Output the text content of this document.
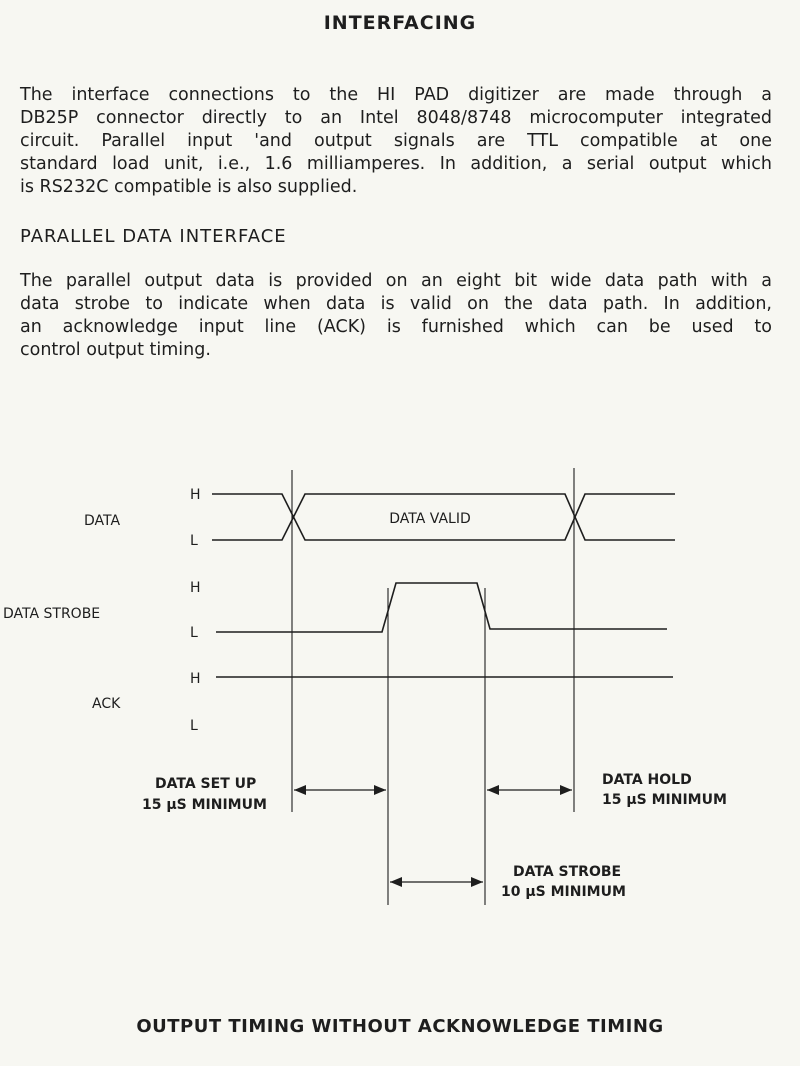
INTERFACING
The interface connections to the HI PAD digitizer are made through a
DB25P connector directly to an Intel 8048/8748 microcomputer integrated
circuit. Parallel input 'and output signals are TTL compatible at one
standard load unit, i.e., 1.6 milliamperes. In addition, a serial output which
is RS232C compatible is also supplied.
PARALLEL DATA INTERFACE
The parallel output data is provided on an eight bit wide data path with a
data strobe to indicate when data is valid on the data path. In addition,
an acknowledge input line (ACK) is furnished which can be used to
control output timing.
DATA
DATA STROBE
ACK
H
L
H
L
H
L
DATA VALID
DATA SET UP
15 µS MINIMUM
DATA HOLD
15 µS MINIMUM
DATA STROBE
10 µS MINIMUM
OUTPUT TIMING WITHOUT ACKNOWLEDGE TIMING
